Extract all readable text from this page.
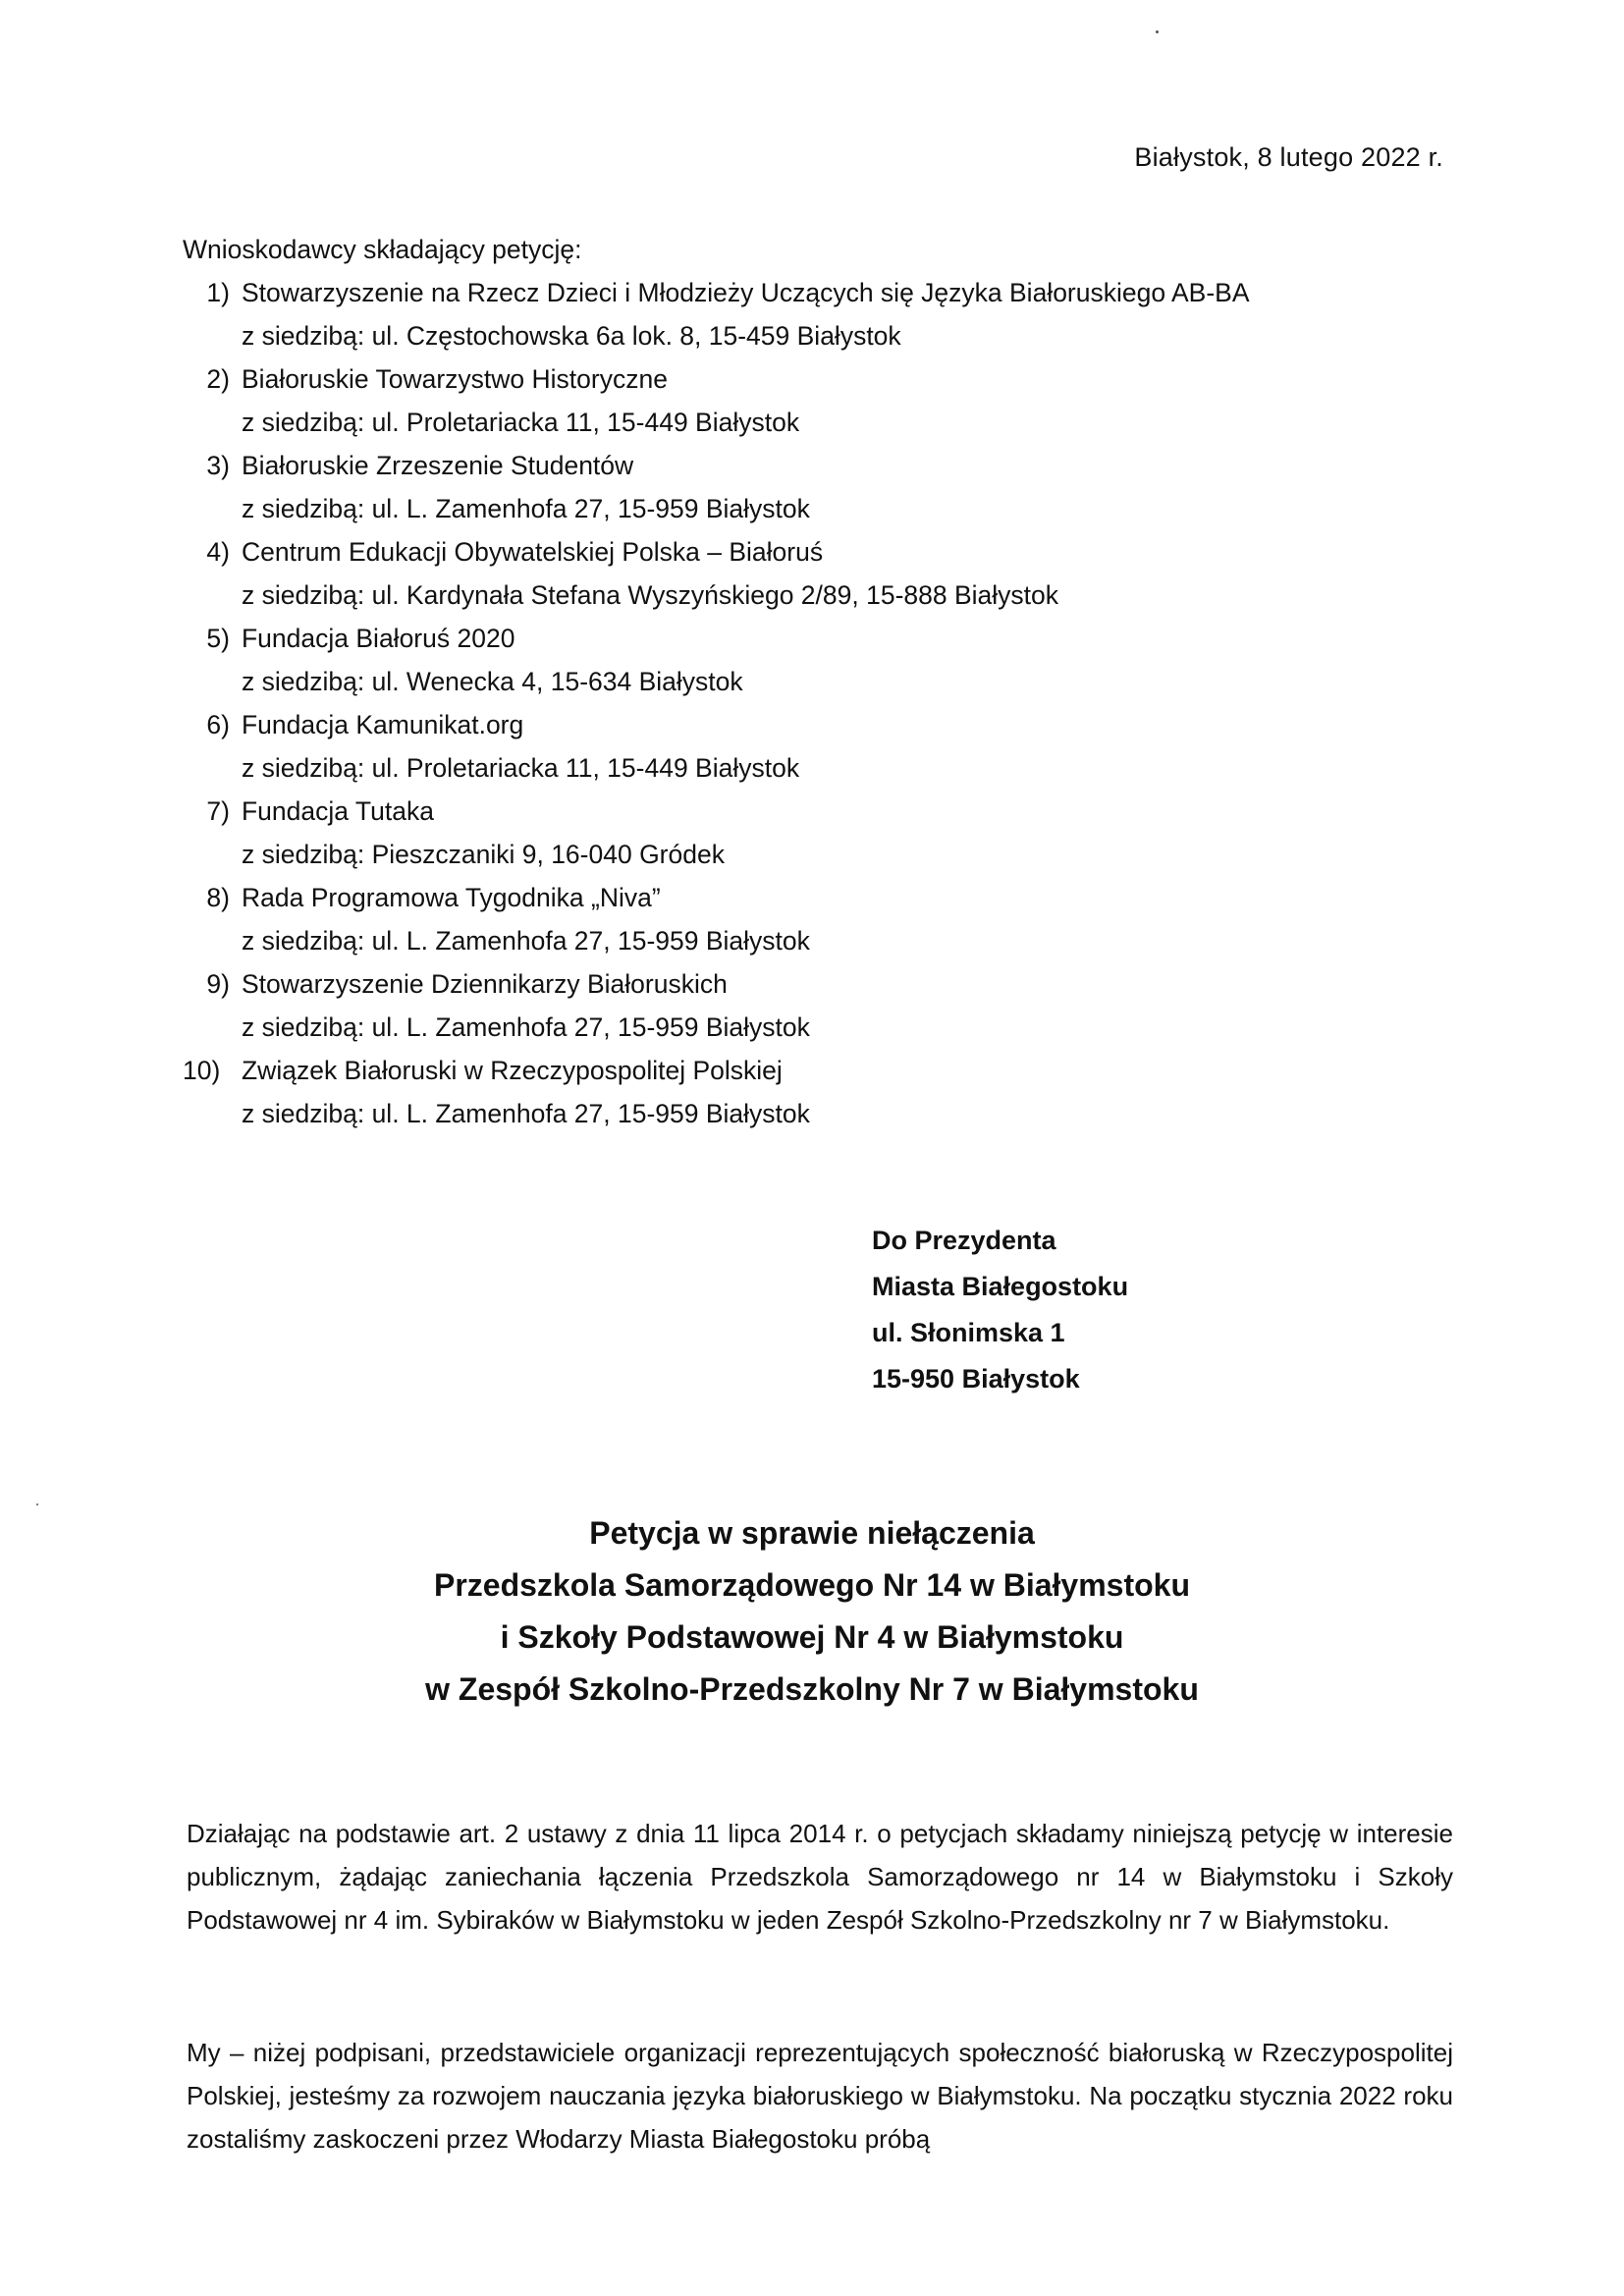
Białystok, 8 lutego 2022 r.
Wnioskodawcy składający petycję:
1) Stowarzyszenie na Rzecz Dzieci i Młodzieży Uczących się Języka Białoruskiego AB-BA
z siedzibą: ul. Częstochowska 6a lok. 8, 15-459 Białystok
2) Białoruskie Towarzystwo Historyczne
z siedzibą: ul. Proletariacka 11, 15-449 Białystok
3) Białoruskie Zrzeszenie Studentów
z siedzibą: ul. L. Zamenhofa 27, 15-959 Białystok
4) Centrum Edukacji Obywatelskiej Polska – Białoruś
z siedzibą: ul. Kardynała Stefana Wyszyńskiego 2/89, 15-888 Białystok
5) Fundacja Białoruś 2020
z siedzibą: ul. Wenecka 4, 15-634 Białystok
6) Fundacja Kamunikat.org
z siedzibą: ul. Proletariacka 11, 15-449 Białystok
7) Fundacja Tutaka
z siedzibą: Pieszczaniki 9, 16-040 Gródek
8) Rada Programowa Tygodnika „Niva”
z siedzibą: ul. L. Zamenhofa 27, 15-959 Białystok
9) Stowarzyszenie Dziennikarzy Białoruskich
z siedzibą: ul. L. Zamenhofa 27, 15-959 Białystok
10) Związek Białoruski w Rzeczypospolitej Polskiej
z siedzibą: ul. L. Zamenhofa 27, 15-959 Białystok
Do Prezydenta
Miasta Białegostoku
ul. Słonimska 1
15-950 Białystok
Petycja w sprawie niełączenia
Przedszkola Samorządowego Nr 14 w Białymstoku
i Szkoły Podstawowej Nr 4 w Białymstoku
w Zespół Szkolno-Przedszkolny Nr 7 w Białymstoku

Działając na podstawie art. 2 ustawy z dnia 11 lipca 2014 r. o petycjach składamy niniejszą petycję w interesie publicznym, żądając zaniechania łączenia Przedszkola Samorządowego nr 14 w Białymstoku i Szkoły Podstawowej nr 4 im. Sybiraków w Białymstoku w jeden Zespół Szkolno-Przedszkolny nr 7 w Białymstoku.

My – niżej podpisani, przedstawiciele organizacji reprezentujących społeczność białoruską w Rzeczypospolitej Polskiej, jesteśmy za rozwojem nauczania języka białoruskiego w Białymstoku. Na początku stycznia 2022 roku zostaliśmy zaskoczeni przez Włodarzy Miasta Białegostoku próbą
